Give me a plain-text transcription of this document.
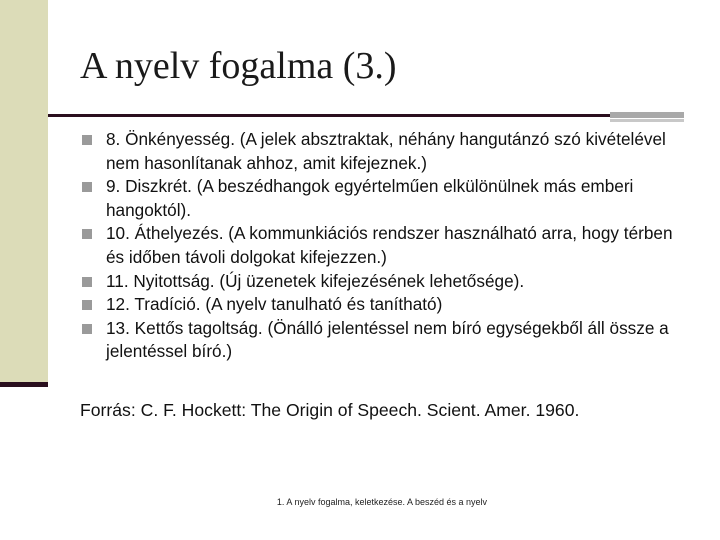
A nyelv fogalma (3.)
8. Önkényesség. (A jelek absztraktak, néhány hangutánzó szó kivételével nem hasonlítanak ahhoz, amit kifejeznek.)
9. Diszkrét. (A beszédhangok egyértelműen elkülönülnek más emberi hangoktól).
10. Áthelyezés. (A kommunkiációs rendszer használható arra, hogy térben és időben távoli dolgokat kifejezzen.)
11. Nyitottság. (Új üzenetek kifejezésének lehetősége).
12. Tradíció. (A nyelv tanulható és tanítható)
13. Kettős tagoltság. (Önálló jelentéssel nem bíró egységekből áll össze a jelentéssel bíró.)
Forrás: C. F. Hockett: The Origin of Speech. Scient. Amer. 1960.
1. A nyelv fogalma, keletkezése. A beszéd és a nyelv
